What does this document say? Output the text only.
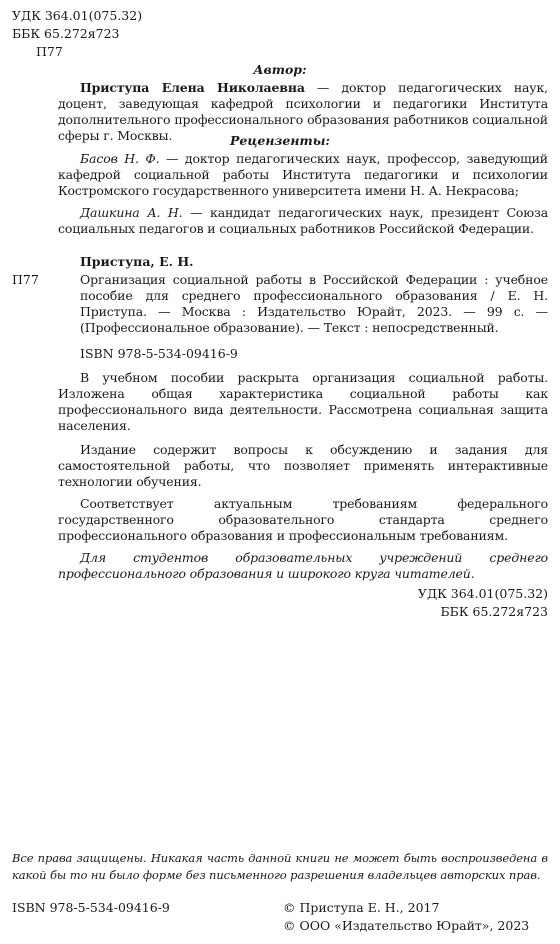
УДК 364.01(075.32)
ББК 65.272я723
П77
Автор:

Приступа Елена Николаевна — доктор педагогических наук, доцент, заведующая кафедрой психологии и педагогики Института дополнительного профессионального образования работников социальной сферы г. Москвы.	Рецензенты:

Басов Н. Ф. — доктор педагогических наук, профессор, заведующий кафедрой социальной работы Института педагогики и психологии Костромского государственного университета имени Н. А. Некрасова;

Дашкина А. Н. — кандидат педагогических наук, президент Союза социальных педагогов и социальных работников Российской Федерации.

Приступа, Е. Н.
П77	Организация социальной работы в Российской Федерации : учебное пособие для среднего профессионального образования / Е. Н. Приступа. — Москва : Издательство Юрайт, 2023. — 99 с. — (Профессиональное образование). — Текст : непосредственный.

ISBN 978-5-534-09416-9

В учебном пособии раскрыта организация социальной работы. Изложена общая характеристика социальной работы как профессионального вида деятельности. Рассмотрена социальная защита населения.

Издание содержит вопросы к обсуждению и задания для самостоятельной работы, что позволяет применять интерактивные технологии обучения.

Соответствует актуальным требованиям федерального государственного образовательного стандарта среднего профессионального образования и профессиональным требованиям.

Для студентов образовательных учреждений среднего профессионального образования и широкого круга читателей.

УДК 364.01(075.32)
ББК 65.272я723

Все права защищены. Никакая часть данной книги не может быть воспроизведена в какой бы то ни было форме без письменного разрешения владельцев авторских прав.

ISBN 978-5-534-09416-9	© Приступа Е. Н., 2017
© ООО «Издательство Юрайт», 2023
